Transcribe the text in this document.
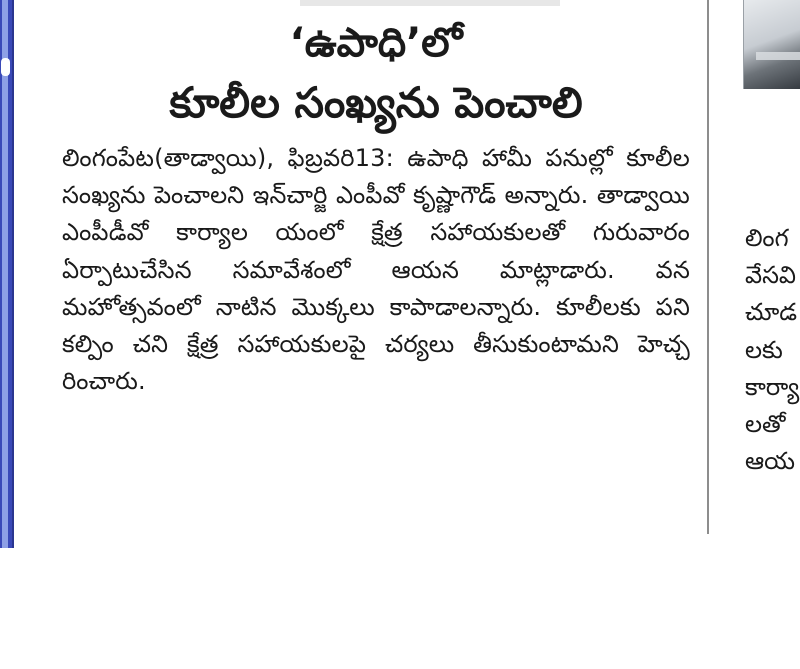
‘ఉపాధి’లో
కూలీల సంఖ్యను పెంచాలి

లింగంపేట(తాడ్వాయి), ఫిబ్రవరి13: ఉపాధి హామీ పనుల్లో కూలీల సంఖ్యను పెంచాలని ఇన్‌చార్జి ఎంపీవో కృష్ణాగౌడ్‌ అన్నారు. తాడ్వాయి ఎంపీడీవో కార్యాల యంలో క్షేత్ర సహాయకులతో గురువారం ఏర్పాటుచేసిన సమావేశంలో ఆయన మాట్లాడారు. వన మహోత్సవంలో నాటిన మొక్కలు కాపాడాలన్నారు. కూలీలకు పని కల్పిం చని క్షేత్ర సహాయకులపై చర్యలు తీసుకుంటామని హెచ్చ రించారు.

లింగ
వేసవి
చూడ
లకు
కార్యా
లతో
ఆయ
